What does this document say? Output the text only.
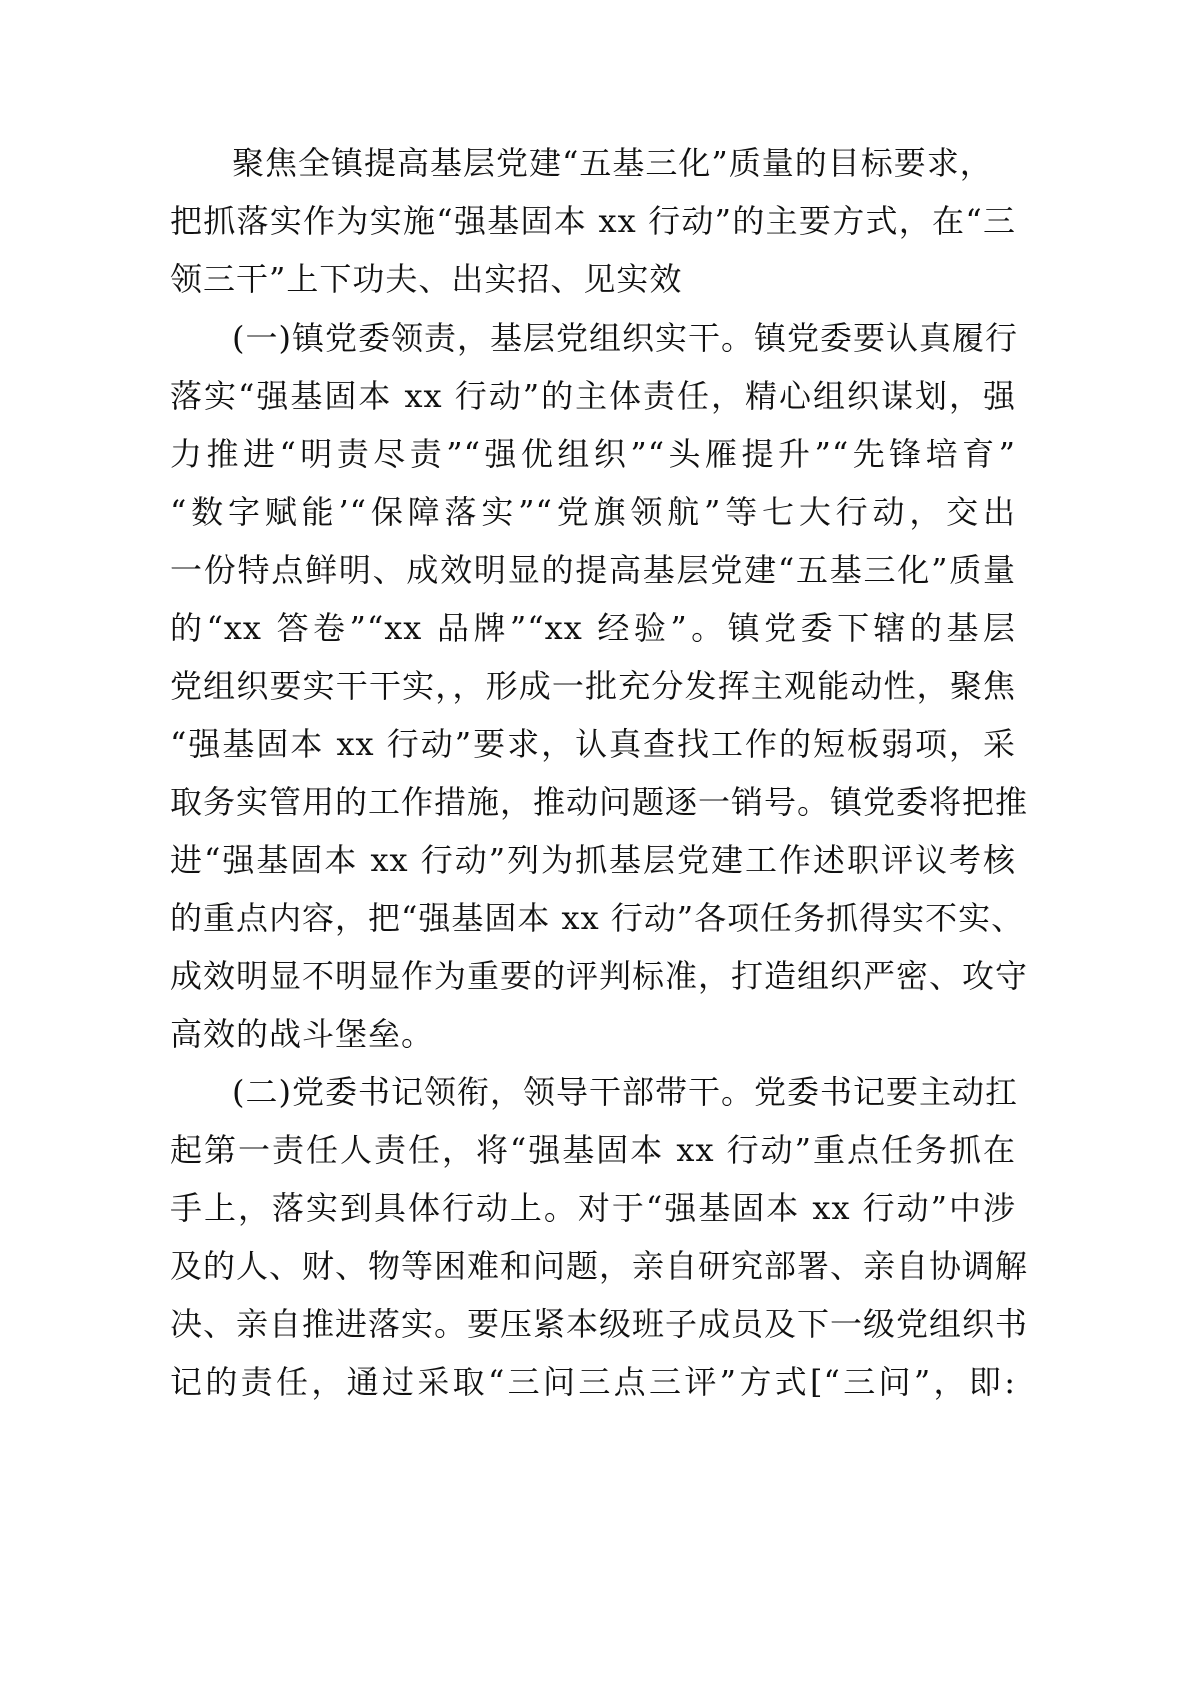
聚焦全镇提高基层党建“五基三化”质量的目标要求，
把抓落实作为实施“强基固本 xx 行动”的主要方式，在“三
领三干”上下功夫、出实招、见实效
(一)镇党委领责，基层党组织实干。镇党委要认真履行
落实“强基固本 xx 行动”的主体责任，精心组织谋划，强
力推进“明责尽责”“强优组织”“头雁提升”“先锋培育”
“数字赋能’“保障落实”“党旗领航”等七大行动，交出
一份特点鲜明、成效明显的提高基层党建“五基三化”质量
的“xx 答卷”“xx 品牌”“xx 经验”。镇党委下辖的基层
党组织要实干干实，，形成一批充分发挥主观能动性，聚焦
“强基固本 xx 行动”要求，认真查找工作的短板弱项，采
取务实管用的工作措施，推动问题逐一销号。镇党委将把推
进“强基固本 xx 行动”列为抓基层党建工作述职评议考核
的重点内容，把“强基固本 xx 行动”各项任务抓得实不实、
成效明显不明显作为重要的评判标准，打造组织严密、攻守
高效的战斗堡垒。
(二)党委书记领衔，领导干部带干。党委书记要主动扛
起第一责任人责任，将“强基固本 xx 行动”重点任务抓在
手上，落实到具体行动上。对于“强基固本 xx 行动”中涉
及的人、财、物等困难和问题，亲自研究部署、亲自协调解
决、亲自推进落实。要压紧本级班子成员及下一级党组织书
记的责任，通过采取“三问三点三评”方式[“三问”，即:
